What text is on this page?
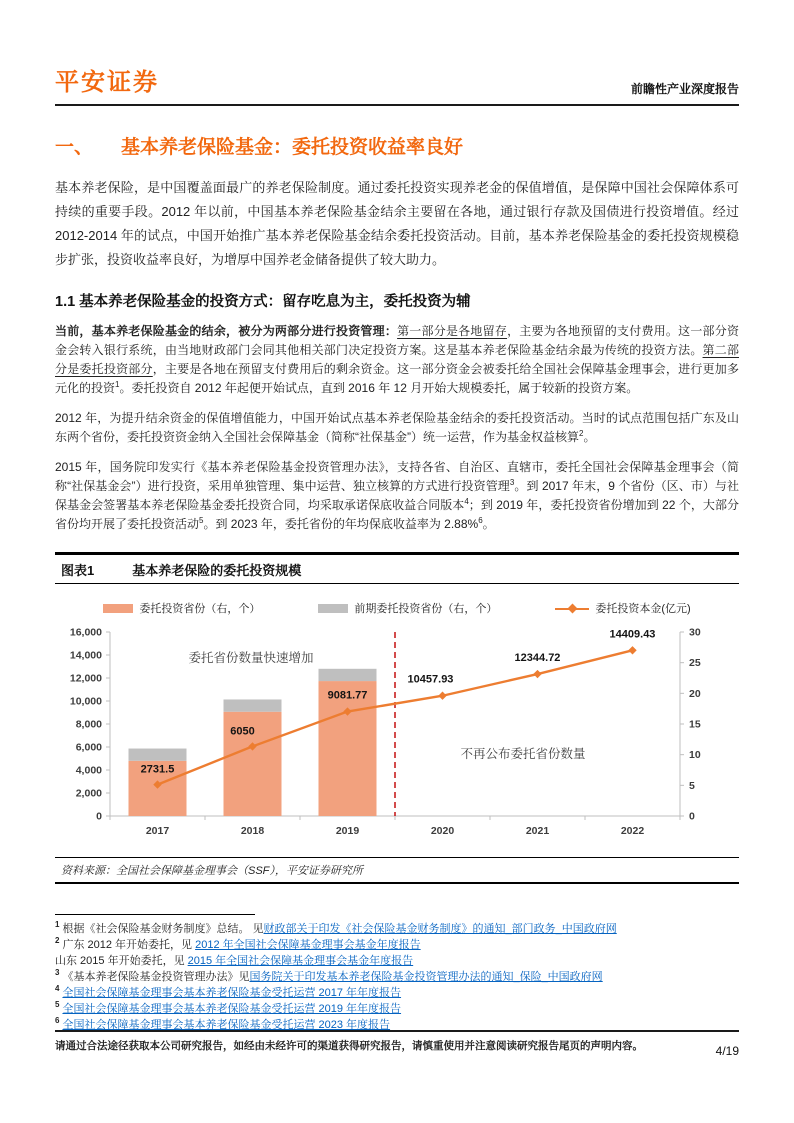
平安证券	前瞻性产业深度报告
一、 基本养老保险基金：委托投资收益率良好

基本养老保险，是中国覆盖面最广的养老保险制度。通过委托投资实现养老金的保值增值，是保障中国社会保障体系可持续的重要手段。2012 年以前，中国基本养老保险基金结余主要留在各地，通过银行存款及国债进行投资增值。经过 2012-2014 年的试点，中国开始推广基本养老保险基金结余委托投资活动。目前，基本养老保险基金的委托投资规模稳步扩张，投资收益率良好，为增厚中国养老金储备提供了较大助力。

1.1 基本养老保险基金的投资方式：留存吃息为主，委托投资为辅

当前，基本养老保险基金的结余，被分为两部分进行投资管理：第一部分是各地留存，主要为各地预留的支付费用。这一部分资金会转入银行系统，由当地财政部门会同其他相关部门决定投资方案。这是基本养老保险基金结余最为传统的投资方法。第二部分是委托投资部分，主要是各地在预留支付费用后的剩余资金。这一部分资金会被委托给全国社会保障基金理事会，进行更加多元化的投资$^1$。委托投资自 2012 年起便开始试点，直到 2016 年 12 月开始大规模委托，属于较新的投资方案。

2012 年，为提升结余资金的保值增值能力，中国开始试点基本养老保险基金结余的委托投资活动。当时的试点范围包括广东及山东两个省份，委托投资资金纳入全国社会保障基金（简称“社保基金”）统一运营，作为基金权益核算$^2$。

2015 年，国务院印发实行《基本养老保险基金投资管理办法》，支持各省、自治区、直辖市，委托全国社会保障基金理事会（简称“社保基金会”）进行投资，采用单独管理、集中运营、独立核算的方式进行投资管理$^3$。到 2017 年末，9 个省份（区、市）与社保基金会签署基本养老保险基金委托投资合同，均采取承诺保底收益合同版本$^4$；到 2019 年，委托投资省份增加到 22 个，大部分省份均开展了委托投资活动$^5$。到 2023 年，委托省份的年均保底收益率为 2.88%$^6$。

图表1	基本养老保险的委托投资规模
委托投资省份（右，个）	前期委托投资省份（右，个）	委托投资本金(亿元)
0
2,000
4,000
6,000
8,000
10,000
12,000
14,000
16,000
0
5
10
15
20
25
30
2017	2018	2019	2020	2021	2022
2731.5
6050
9081.77
10457.93
12344.72
14409.43
委托省份数量快速增加
不再公布委托省份数量
资料来源：全国社会保障基金理事会（SSF），平安证券研究所
$^1$ 根据《社会保险基金财务制度》总结。 见财政部关于印发《社会保险基金财务制度》的通知_部门政务_中国政府网
$^2$ 广东 2012 年开始委托，见 2012 年全国社会保障基金理事会基金年度报告
山东 2015 年开始委托，见 2015 年全国社会保障基金理事会基金年度报告
$^3$ 《基本养老保险基金投资管理办法》见国务院关于印发基本养老保险基金投资管理办法的通知_保险_中国政府网
$^4$ 全国社会保障基金理事会基本养老保险基金受托运营 2017 年年度报告
$^5$ 全国社会保障基金理事会基本养老保险基金受托运营 2019 年年度报告
$^6$ 全国社会保障基金理事会基本养老保险基金受托运营 2023 年度报告
请通过合法途径获取本公司研究报告，如经由未经许可的渠道获得研究报告，请慎重使用并注意阅读研究报告尾页的声明内容。	4/19
